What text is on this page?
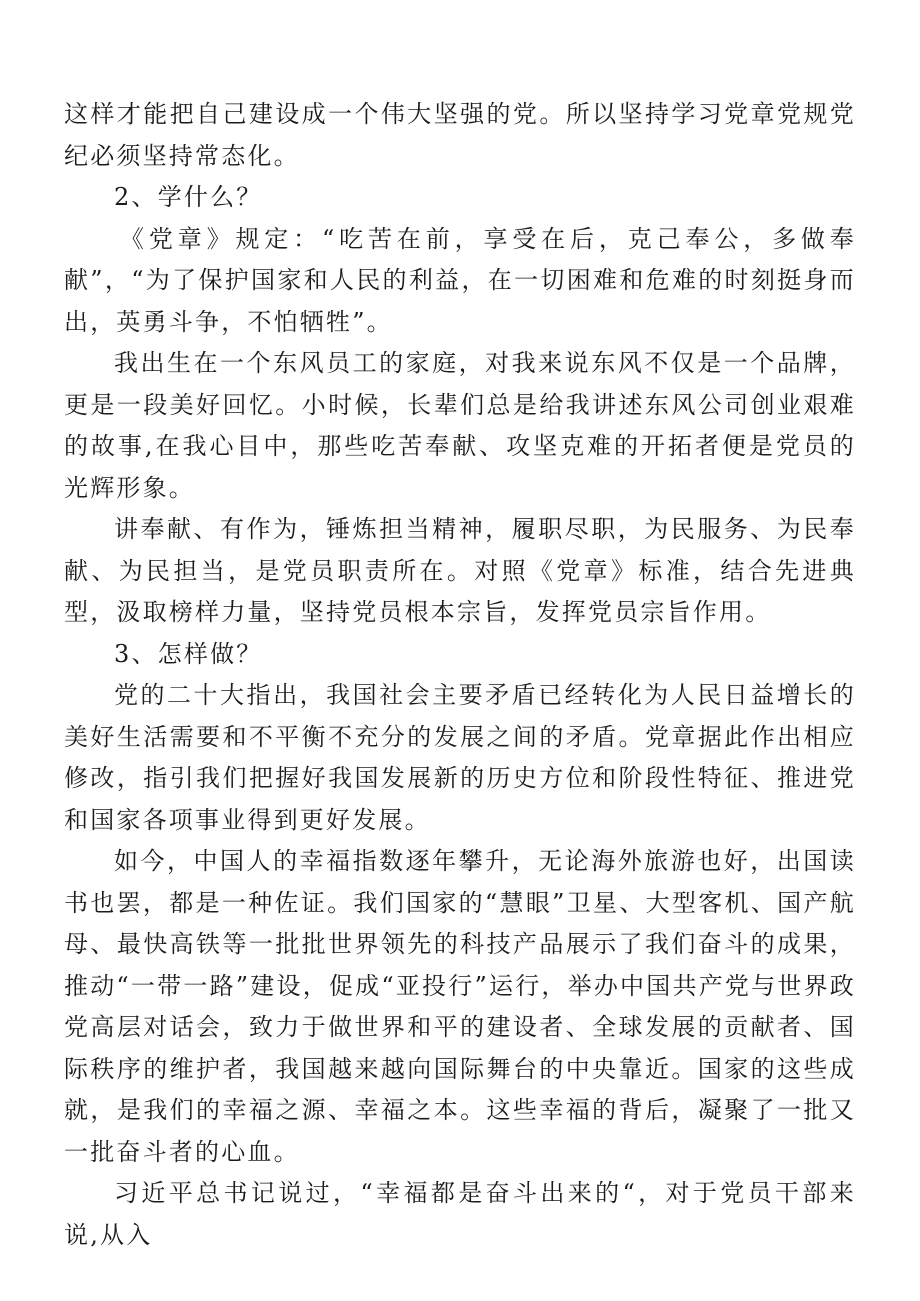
这样才能把自己建设成一个伟大坚强的党。所以坚持学习党章党规党纪必须坚持常态化。

2、学什么？

《党章》规定：“吃苦在前，享受在后，克己奉公，多做奉献”，“为了保护国家和人民的利益，在一切困难和危难的时刻挺身而出，英勇斗争，不怕牺牲”。

我出生在一个东风员工的家庭，对我来说东风不仅是一个品牌，更是一段美好回忆。小时候，长辈们总是给我讲述东风公司创业艰难的故事,在我心目中，那些吃苦奉献、攻坚克难的开拓者便是党员的光辉形象。

讲奉献、有作为，锤炼担当精神，履职尽职，为民服务、为民奉献、为民担当，是党员职责所在。对照《党章》标准，结合先进典型，汲取榜样力量，坚持党员根本宗旨，发挥党员宗旨作用。

3、怎样做？

党的二十大指出，我国社会主要矛盾已经转化为人民日益增长的美好生活需要和不平衡不充分的发展之间的矛盾。党章据此作出相应修改，指引我们把握好我国发展新的历史方位和阶段性特征、推进党和国家各项事业得到更好发展。

如今，中国人的幸福指数逐年攀升，无论海外旅游也好，出国读书也罢，都是一种佐证。我们国家的“慧眼”卫星、大型客机、国产航母、最快高铁等一批批世界领先的科技产品展示了我们奋斗的成果，推动“一带一路”建设，促成“亚投行”运行，举办中国共产党与世界政党高层对话会，致力于做世界和平的建设者、全球发展的贡献者、国际秩序的维护者，我国越来越向国际舞台的中央靠近。国家的这些成就，是我们的幸福之源、幸福之本。这些幸福的背后，凝聚了一批又一批奋斗者的心血。

习近平总书记说过，“幸福都是奋斗出来的“，对于党员干部来说,从入
